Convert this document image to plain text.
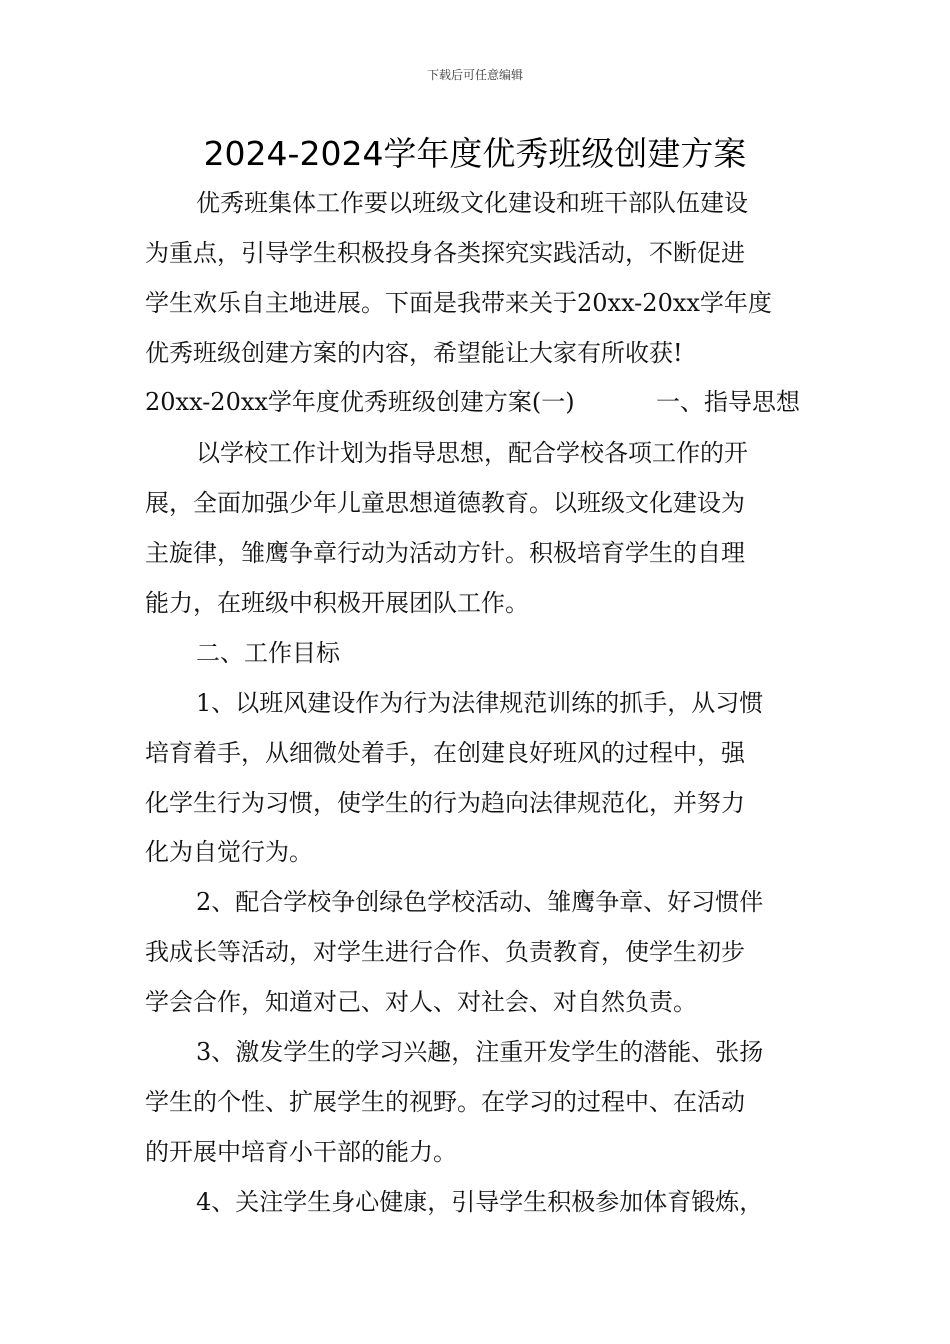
下载后可任意编辑
2024-2024学年度优秀班级创建方案
优秀班集体工作要以班级文化建设和班干部队伍建设
为重点，引导学生积极投身各类探究实践活动，不断促进
学生欢乐自主地进展。下面是我带来关于20xx-20xx学年度
优秀班级创建方案的内容，希望能让大家有所收获!
20xx-20xx学年度优秀班级创建方案(一)	一、指导思想
以学校工作计划为指导思想，配合学校各项工作的开
展，全面加强少年儿童思想道德教育。以班级文化建设为
主旋律，雏鹰争章行动为活动方针。积极培育学生的自理
能力，在班级中积极开展团队工作。
二、工作目标
1、以班风建设作为行为法律规范训练的抓手，从习惯
培育着手，从细微处着手，在创建良好班风的过程中，强
化学生行为习惯，使学生的行为趋向法律规范化，并努力
化为自觉行为。
2、配合学校争创绿色学校活动、雏鹰争章、好习惯伴
我成长等活动，对学生进行合作、负责教育，使学生初步
学会合作，知道对己、对人、对社会、对自然负责。
3、激发学生的学习兴趣，注重开发学生的潜能、张扬
学生的个性、扩展学生的视野。在学习的过程中、在活动
的开展中培育小干部的能力。
4、关注学生身心健康，引导学生积极参加体育锻炼，
